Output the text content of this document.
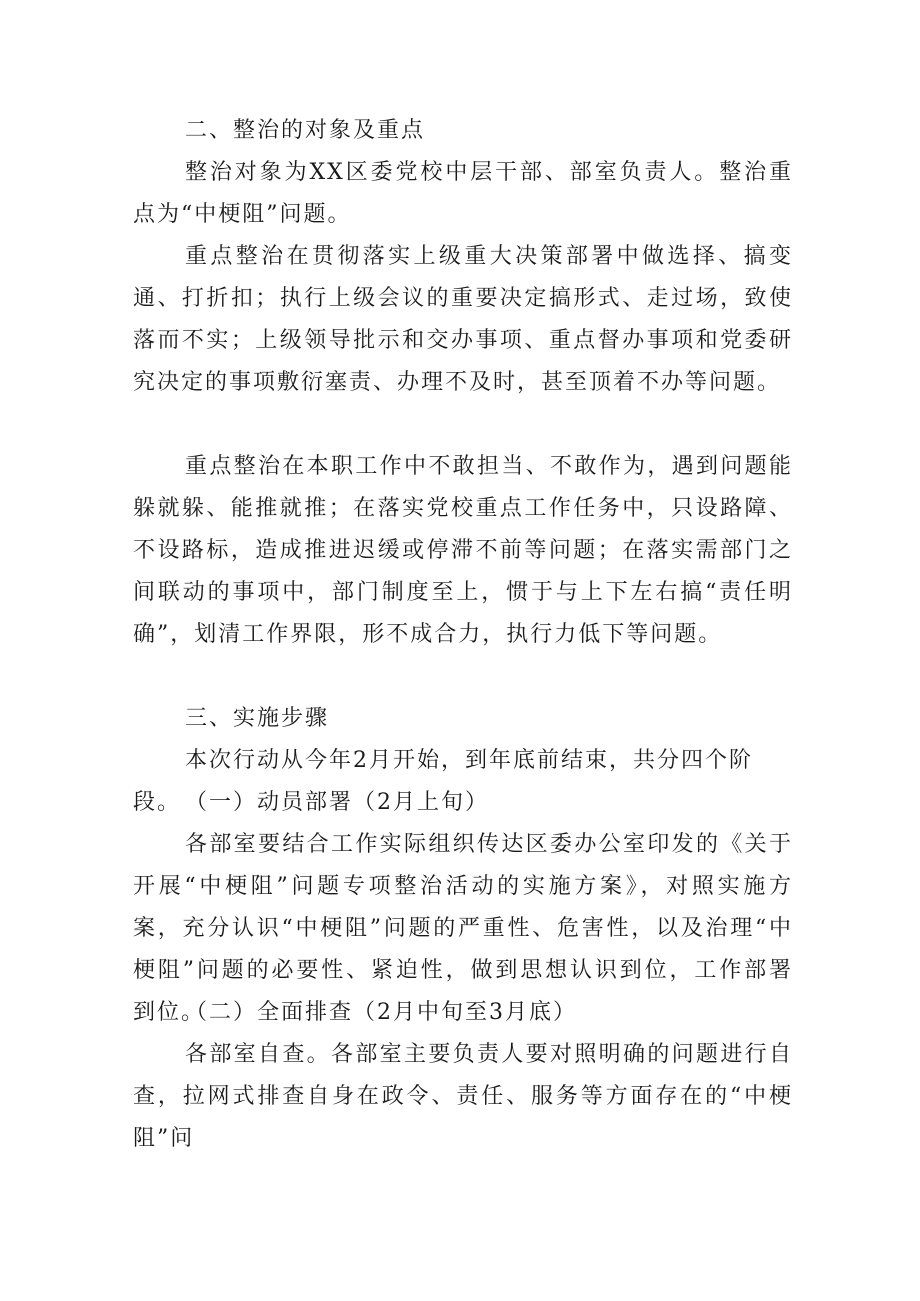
二、整治的对象及重点

整治对象为XX区委党校中层干部、部室负责人。整治重点为“中梗阻”问题。

重点整治在贯彻落实上级重大决策部署中做选择、搞变通、打折扣；执行上级会议的重要决定搞形式、走过场，致使落而不实；上级领导批示和交办事项、重点督办事项和党委研究决定的事项敷衍塞责、办理不及时，甚至顶着不办等问题。

重点整治在本职工作中不敢担当、不敢作为，遇到问题能躲就躲、能推就推；在落实党校重点工作任务中，只设路障、不设路标，造成推进迟缓或停滞不前等问题；在落实需部门之间联动的事项中，部门制度至上，惯于与上下左右搞“责任明确”，划清工作界限，形不成合力，执行力低下等问题。

三、实施步骤

本次行动从今年2月开始，到年底前结束，共分四个阶段。 （一）动员部署（2月上旬）

各部室要结合工作实际组织传达区委办公室印发的《关于开展“中梗阻”问题专项整治活动的实施方案》，对照实施方案，充分认识“中梗阻”问题的严重性、危害性，以及治理“中梗阻”问题的必要性、紧迫性，做到思想认识到位，工作部署到位。

（二）全面排查（2月中旬至3月底）

各部室自查。各部室主要负责人要对照明确的问题进行自查，拉网式排查自身在政令、责任、服务等方面存在的“中梗阻”问
